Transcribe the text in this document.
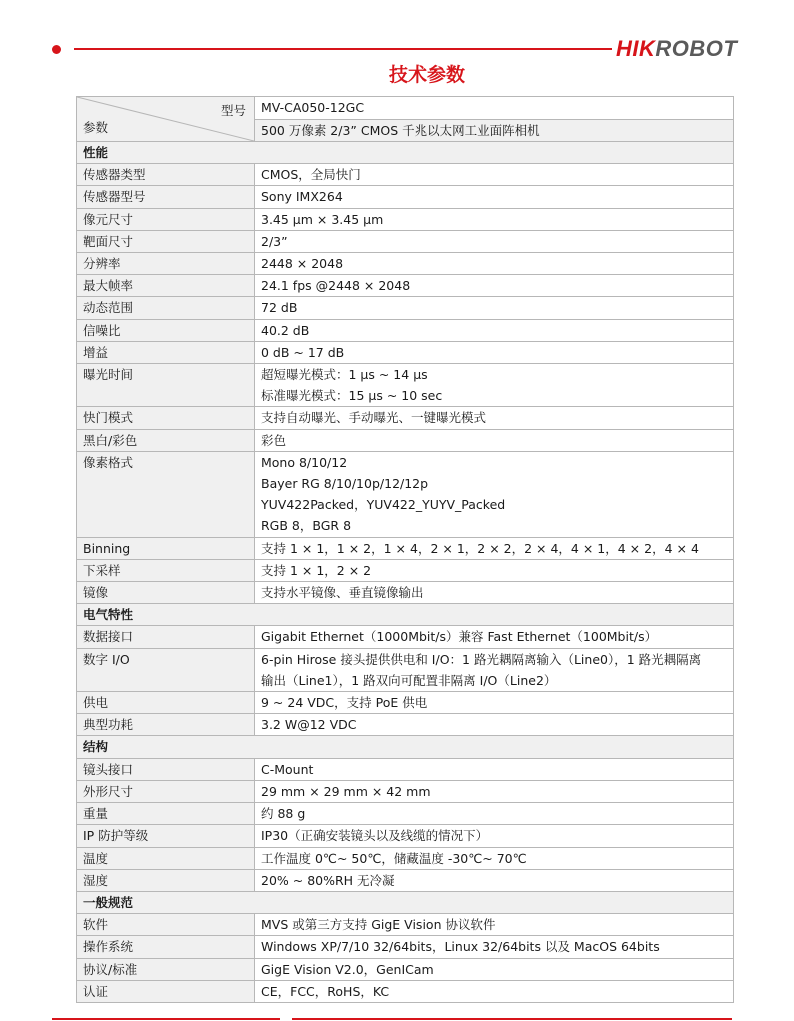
HIKROBOT
技术参数
型号
参数	MV-CA050-12GC
	500 万像素 2/3” CMOS 千兆以太网工业面阵相机
性能	
传感器类型	CMOS，全局快门

传感器型号	Sony IMX264

像元尺寸	3.45 μm × 3.45 μm

靶面尺寸	2/3”

分辨率	2448 × 2048

最大帧率	24.1 fps @2448 × 2048

动态范围	72 dB

信噪比	40.2 dB

增益	0 dB ~ 17 dB

曝光时间	超短曝光模式：1 μs ~ 14 μs
标准曝光模式：15 μs ~ 10 sec

快门模式	支持自动曝光、手动曝光、一键曝光模式

黑白/彩色	彩色

像素格式	Mono 8/10/12
Bayer RG 8/10/10p/12/12p
YUV422Packed，YUV422_YUYV_Packed
RGB 8，BGR 8

Binning	支持 1 × 1，1 × 2，1 × 4，2 × 1，2 × 2，2 × 4，4 × 1，4 × 2，4 × 4

下采样	支持 1 × 1，2 × 2

镜像	支持水平镜像、垂直镜像输出

电气特性	
数据接口	Gigabit Ethernet（1000Mbit/s）兼容 Fast Ethernet（100Mbit/s）

数字 I/O	6-pin Hirose 接头提供供电和 I/O：1 路光耦隔离输入（Line0），1 路光耦隔离
输出（Line1），1 路双向可配置非隔离 I/O（Line2）

供电	9 ~ 24 VDC，支持 PoE 供电

典型功耗	3.2 W@12 VDC

结构	
镜头接口	C-Mount

外形尺寸	29 mm × 29 mm × 42 mm

重量	约 88 g

IP 防护等级	IP30（正确安装镜头以及线缆的情况下）

温度	工作温度 0℃~ 50℃，储藏温度 -30℃~ 70℃

湿度	20% ~ 80%RH 无冷凝

一般规范	
软件	MVS 或第三方支持 GigE Vision 协议软件

操作系统	Windows XP/7/10 32/64bits，Linux 32/64bits 以及 MacOS 64bits

协议/标准	GigE Vision V2.0，GenICam

认证	CE，FCC，RoHS，KC
